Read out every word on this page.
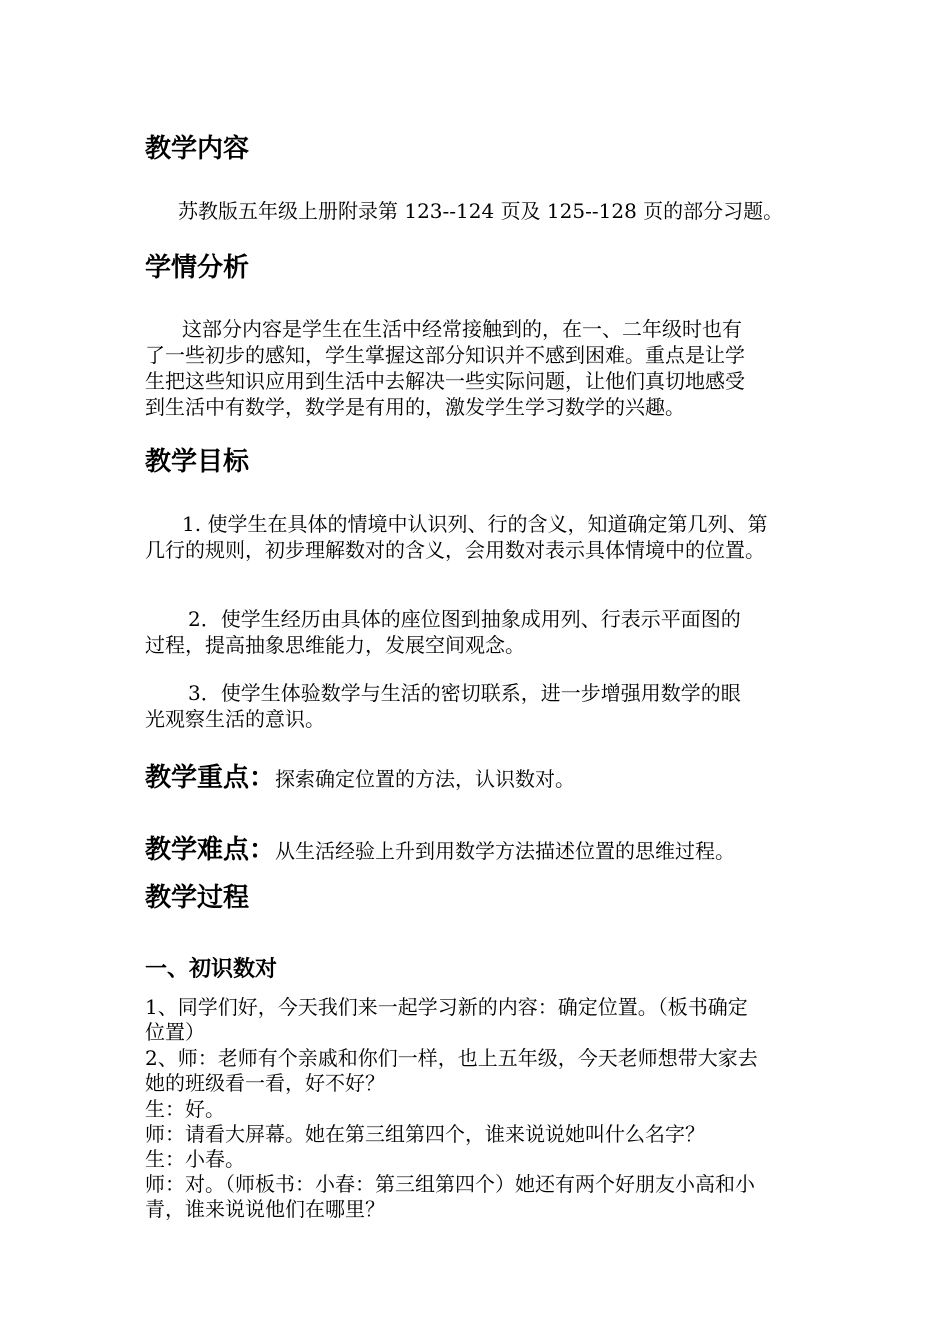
教学内容
苏教版五年级上册附录第 123--124 页及 125--128 页的部分习题。
学情分析
这部分内容是学生在生活中经常接触到的，在一、二年级时也有
了一些初步的感知，学生掌握这部分知识并不感到困难。重点是让学
生把这些知识应用到生活中去解决一些实际问题，让他们真切地感受
到生活中有数学，数学是有用的，激发学生学习数学的兴趣。
教学目标
1. 使学生在具体的情境中认识列、行的含义，知道确定第几列、第
几行的规则，初步理解数对的含义，会用数对表示具体情境中的位置。
2．使学生经历由具体的座位图到抽象成用列、行表示平面图的
过程，提高抽象思维能力，发展空间观念。
3．使学生体验数学与生活的密切联系，进一步增强用数学的眼
光观察生活的意识。
教学重点：探索确定位置的方法，认识数对。
教学难点：从生活经验上升到用数学方法描述位置的思维过程。
教学过程
一、初识数对
1、同学们好，今天我们来一起学习新的内容：确定位置。（板书确定
位置）
2、师：老师有个亲戚和你们一样，也上五年级，今天老师想带大家去
她的班级看一看，好不好？
生：好。
师：请看大屏幕。她在第三组第四个，谁来说说她叫什么名字？
生：小春。
师：对。（师板书：小春：第三组第四个）她还有两个好朋友小高和小
青，谁来说说他们在哪里？
